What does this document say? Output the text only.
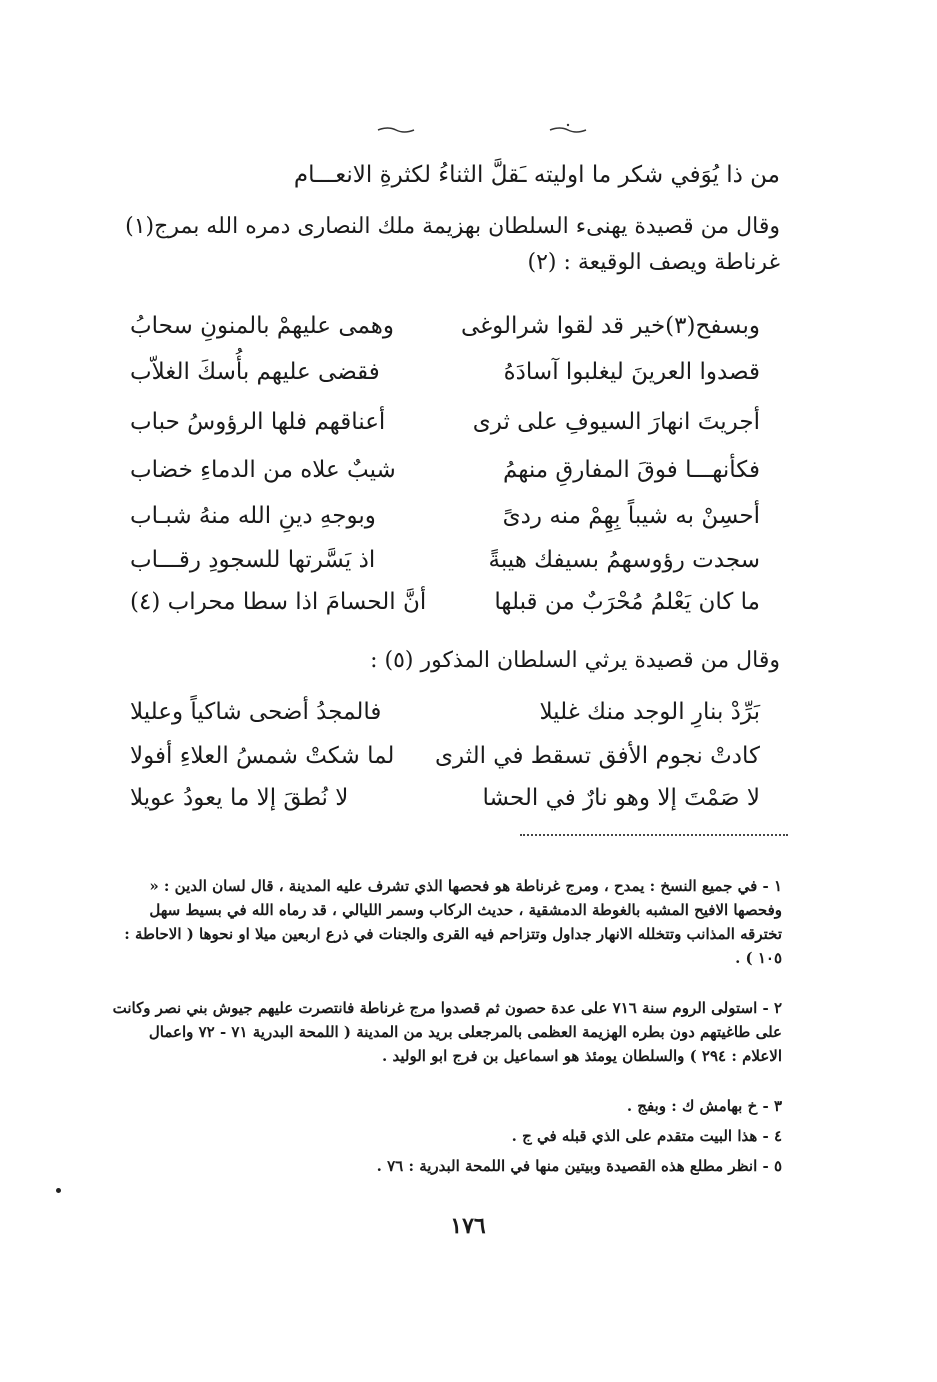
من ذا يُوَفي شكر ما اوليته ـَقلَّ الثناءُ لكثرةِ الانعـــام
وقال من قصيدة يهنىء السلطان بهزيمة ملك النصارى دمره الله بمرج(١)
غرناطة ويصف الوقيعة : (٢)
وبسفح(٣)خير قد لقوا شرالوغى
وهمى عليهمْ بالمنونِ سحابُ
قصدوا العرينَ ليغلبوا آسادَهُ
فقضى عليهم بأُسكَ الغلاّب
أجريتَ انهارَ السيوفِ على ثرى
أعناقهم فلها الرؤوسُ حباب
فكأنهـــا فوقَ المفارقِ منهمُ
شيبٌ علاه من الدماءِ خضاب
أحسِنْ به شيباً بِهِمْ منه ردىً
وبوجهِ دينِ الله منهُ شبـاب
سجدت رؤوسهمُ بسيفك هيبةً
اذ يَسَّرتها للسجودِ رقـــاب
ما كان يَعْلمُ مُحْرَبٌ من قبلها
أنَّ الحسامَ اذا سطا محراب (٤)
وقال من قصيدة يرثي السلطان المذكور (٥) :
بَرِّدْ بنارِ الوجد منك غليلا
فالمجدُ أضحى شاكياً وعليلا
كادتْ نجوم الأفق تسقط في الثرى
لما شكتْ شمسُ العلاءِ أفولا
لا صَمْتَ إلا وهو نارٌ في الحشا
لا نُطقَ إلا ما يعودُ عويلا
١ - في جميع النسخ : يمدح ، ومرج غرناطة هو فحصها الذي تشرف عليه المدينة ، قال لسان الدين : « وفحصها الافيح المشبه بالغوطة الدمشقية ، حديث الركاب وسمر الليالي ، قد رماه الله في بسيط سهل تخترقه المذانب وتتخلله الانهار جداول وتتزاحم فيه القرى والجنات في ذرع اربعين ميلا او نحوها ( الاحاطة : ١٠٥ ) .
٢ - استولى الروم سنة ٧١٦ على عدة حصون ثم قصدوا مرج غرناطة فانتصرت عليهم جيوش بني نصر وكانت على طاغيتهم دون بطره الهزيمة العظمى بالمرجعلى بريد من المدينة ( اللمحة البدرية ٧١ - ٧٢ واعمال الاعلام : ٢٩٤ ) والسلطان يومئذ هو اسماعيل بن فرج ابو الوليد .
٣ - خ بهامش ك : وبفج .
٤ - هذا البيت متقدم على الذي قبله في ج .
٥ - انظر مطلع هذه القصيدة وبيتين منها في اللمحة البدرية : ٧٦ .
١٧٦
